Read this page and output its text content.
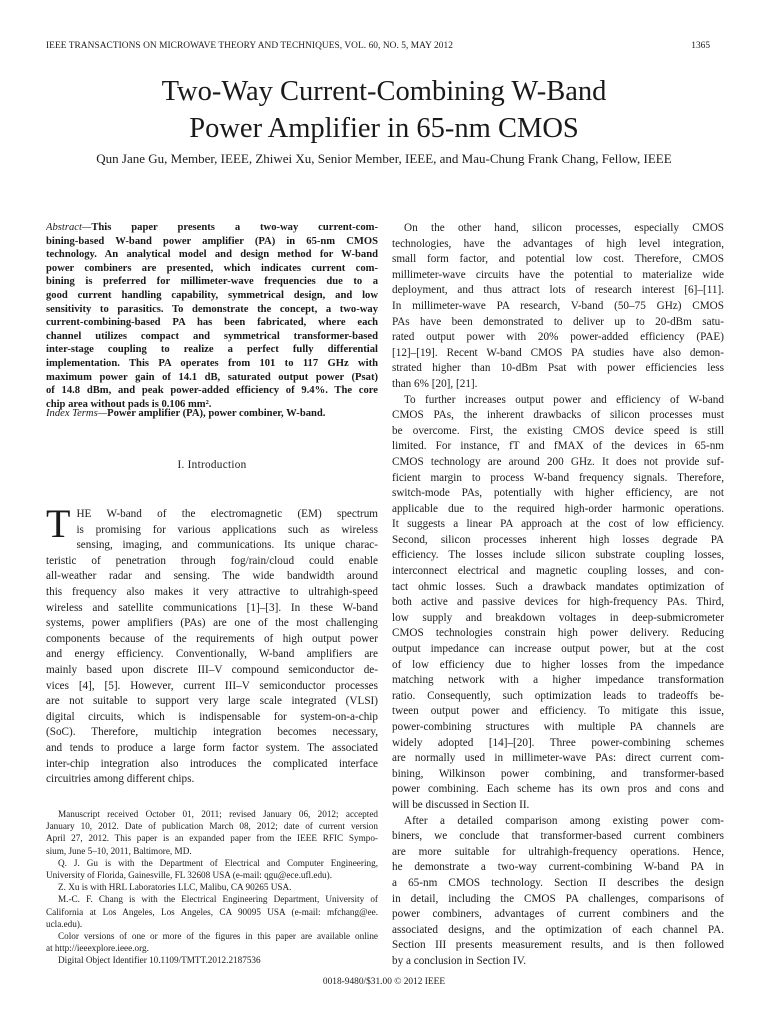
IEEE TRANSACTIONS ON MICROWAVE THEORY AND TECHNIQUES, VOL. 60, NO. 5, MAY 2012	1365
Two-Way Current-Combining W-Band
Power Amplifier in 65-nm CMOS
Qun Jane Gu, Member, IEEE, Zhiwei Xu, Senior Member, IEEE, and Mau-Chung Frank Chang, Fellow, IEEE
Abstract—This paper presents a two-way current-com-
bining-based W-band power amplifier (PA) in 65-nm CMOS
technology. An analytical model and design method for W-band
power combiners are presented, which indicates current com-
bining is preferred for millimeter-wave frequencies due to a
good current handling capability, symmetrical design, and low
sensitivity to parasitics. To demonstrate the concept, a two-way
current-combining-based PA has been fabricated, where each
channel utilizes compact and symmetrical transformer-based
inter-stage coupling to realize a perfect fully differential
implementation. This PA operates from 101 to 117 GHz with
maximum power gain of 14.1 dB, saturated output power (Psat)
of 14.8 dBm, and peak power-added efficiency of 9.4%. The core
chip area without pads is 0.106 mm².
Index Terms—Power amplifier (PA), power combiner, W-band.
I. Introduction
T HE W-band of the electromagnetic (EM) spectrum
is promising for various applications such as wireless
sensing, imaging, and communications. Its unique charac-
teristic of penetration through fog/rain/cloud could enable
all-weather radar and sensing. The wide bandwidth around
this frequency also makes it very attractive to ultrahigh-speed
wireless and satellite communications [1]–[3]. In these W-band
systems, power amplifiers (PAs) are one of the most challenging
components because of the requirements of high output power
and energy efficiency. Conventionally, W-band amplifiers are
mainly based upon discrete III–V compound semiconductor de-
vices [4], [5]. However, current III–V semiconductor processes
are not suitable to support very large scale integrated (VLSI)
digital circuits, which is indispensable for system-on-a-chip
(SoC). Therefore, multichip integration becomes necessary,
and tends to produce a large form factor system. The associated
inter-chip integration also introduces the complicated interface
circuitries among different chips.
Manuscript received October 01, 2011; revised January 06, 2012; accepted
January 10, 2012. Date of publication March 08, 2012; date of current version
April 27, 2012. This paper is an expanded paper from the IEEE RFIC Sympo-
sium, June 5–10, 2011, Baltimore, MD.
Q. J. Gu is with the Department of Electrical and Computer Engineering,
University of Florida, Gainesville, FL 32608 USA (e-mail: qgu@ece.ufl.edu).
Z. Xu is with HRL Laboratories LLC, Malibu, CA 90265 USA.
M.-C. F. Chang is with the Electrical Engineering Department, University of
California at Los Angeles, Los Angeles, CA 90095 USA (e-mail: mfchang@ee.
ucla.edu).
Color versions of one or more of the figures in this paper are available online
at http://ieeexplore.ieee.org.
Digital Object Identifier 10.1109/TMTT.2012.2187536
On the other hand, silicon processes, especially CMOS
technologies, have the advantages of high level integration,
small form factor, and potential low cost. Therefore, CMOS
millimeter-wave circuits have the potential to materialize wide
deployment, and thus attract lots of research interest [6]–[11].
In millimeter-wave PA research, V-band (50–75 GHz) CMOS
PAs have been demonstrated to deliver up to 20-dBm satu-
rated output power with 20% power-added efficiency (PAE)
[12]–[19]. Recent W-band CMOS PA studies have also demon-
strated higher than 10-dBm Psat with power efficiencies less
than 6% [20], [21].
To further increases output power and efficiency of W-band
CMOS PAs, the inherent drawbacks of silicon processes must
be overcome. First, the existing CMOS device speed is still
limited. For instance, fT and fMAX of the devices in 65-nm
CMOS technology are around 200 GHz. It does not provide suf-
ficient margin to process W-band frequency signals. Therefore,
switch-mode PAs, potentially with higher efficiency, are not
applicable due to the required high-order harmonic operations.
It suggests a linear PA approach at the cost of low efficiency.
Second, silicon processes inherent high losses degrade PA
efficiency. The losses include silicon substrate coupling losses,
interconnect electrical and magnetic coupling losses, and con-
tact ohmic losses. Such a drawback mandates optimization of
both active and passive devices for high-frequency PAs. Third,
low supply and breakdown voltages in deep-submicrometer
CMOS technologies constrain high power delivery. Reducing
output impedance can increase output power, but at the cost
of low efficiency due to higher losses from the impedance
matching network with a higher impedance transformation
ratio. Consequently, such optimization leads to tradeoffs be-
tween output power and efficiency. To mitigate this issue,
power-combining structures with multiple PA channels are
widely adopted [14]–[20]. Three power-combining schemes
are normally used in millimeter-wave PAs: direct current com-
bining, Wilkinson power combining, and transformer-based
power combining. Each scheme has its own pros and cons and
will be discussed in Section II.
After a detailed comparison among existing power com-
biners, we conclude that transformer-based current combiners
are more suitable for ultrahigh-frequency operations. Hence,
he demonstrate a two-way current-combining W-band PA in
a 65-nm CMOS technology. Section II describes the design
in detail, including the CMOS PA challenges, comparisons of
power combiners, advantages of current combiners and the
associated designs, and the optimization of each channel PA.
Section III presents measurement results, and is then followed
by a conclusion in Section IV.
0018-9480/$31.00 © 2012 IEEE
